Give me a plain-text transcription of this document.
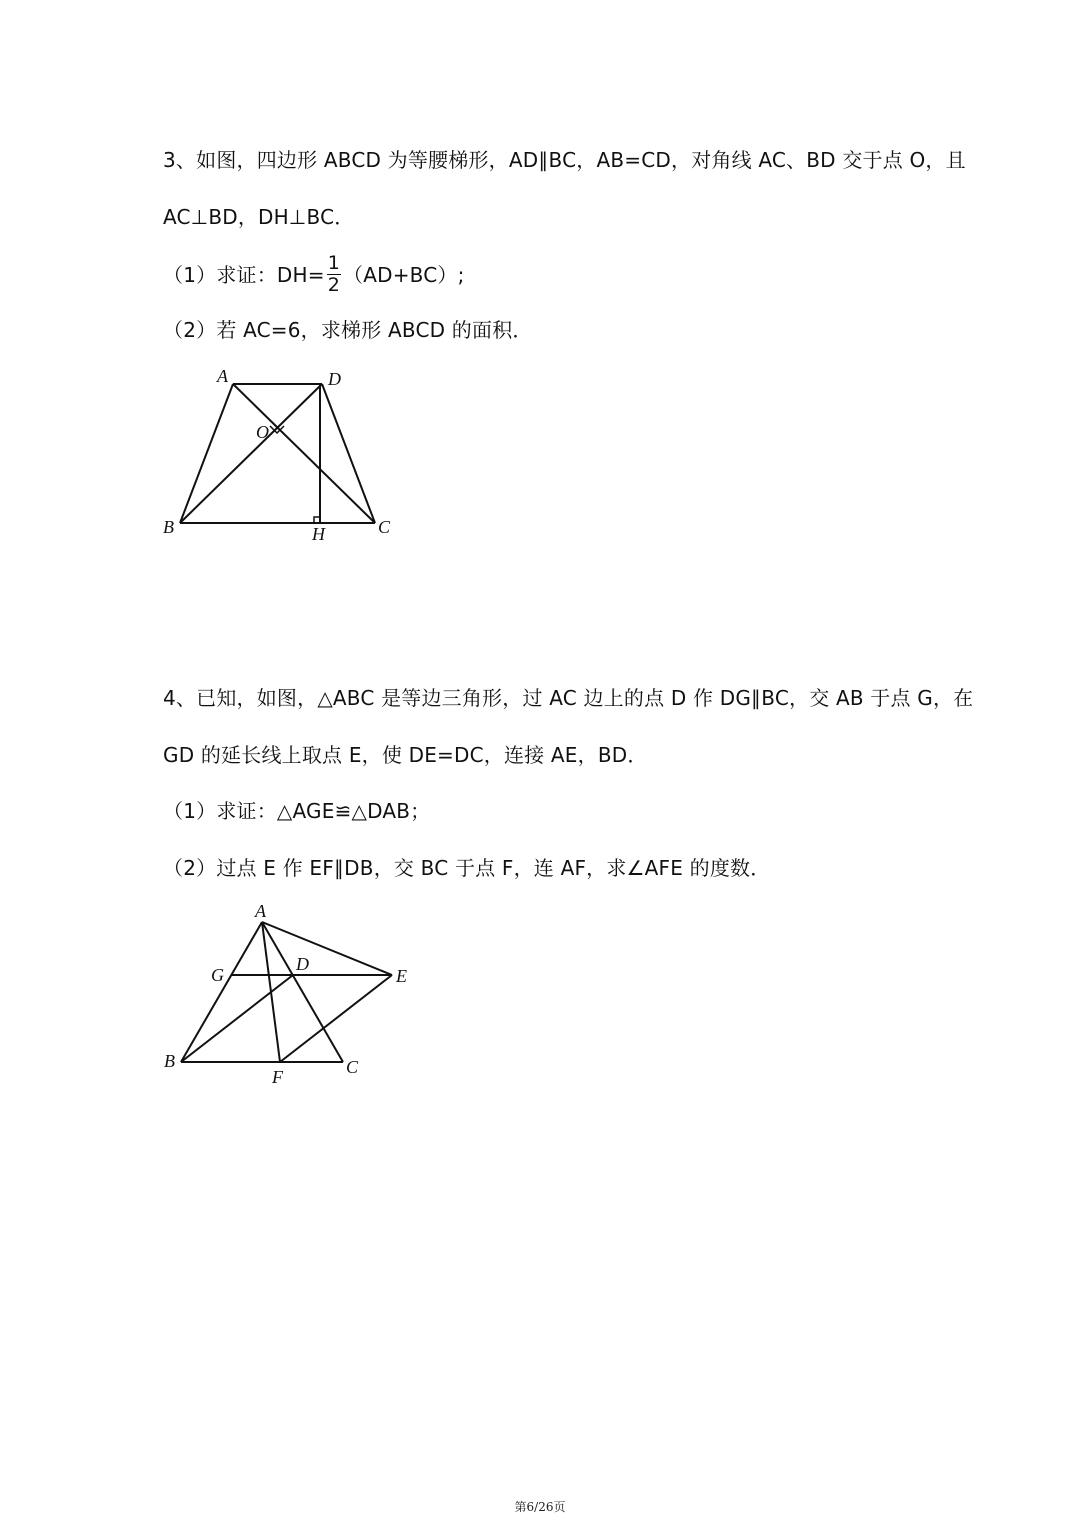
3、如图，四边形 ABCD 为等腰梯形，AD∥BC，AB=CD，对角线 AC、BD 交于点 O，且
AC⊥BD，DH⊥BC．
（1）求证：$DH= \frac{1}{2} (AD+BC)$;
（2）若 AC=6，求梯形 ABCD 的面积．
A	D
O
B	H	C
4、已知，如图，△ABC 是等边三角形，过 AC 边上的点 D 作 DG∥BC，交 AB 于点 G，在
GD 的延长线上取点 E，使 DE=DC，连接 AE，BD．
（1）求证：△AGE≌△DAB；
（2）过点 E 作 EF∥DB，交 BC 于点 F，连 AF，求∠AFE 的度数．
A
G
D
E
B
F	C
第6/26页
